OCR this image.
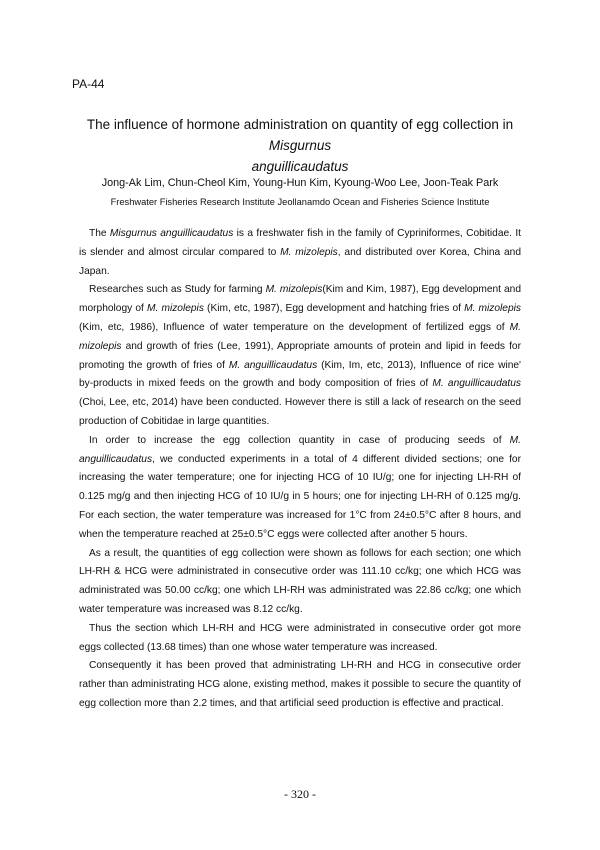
PA-44
The influence of hormone administration on quantity of egg collection in Misgurnus
anguillicaudatus
Jong-Ak Lim, Chun-Cheol Kim, Young-Hun Kim, Kyoung-Woo Lee, Joon-Teak Park
Freshwater Fisheries Research Institute Jeollanamdo Ocean and Fisheries Science Institute

The Misgurnus anguillicaudatus is a freshwater fish in the family of Cypriniformes, Cobitidae. It is slender and almost circular compared to M. mizolepis, and distributed over Korea, China and Japan.

Researches such as Study for farming M. mizolepis(Kim and Kim, 1987), Egg development and morphology of M. mizolepis (Kim, etc, 1987), Egg development and hatching fries of M. mizolepis (Kim, etc, 1986), Influence of water temperature on the development of fertilized eggs of M. mizolepis and growth of fries (Lee, 1991), Appropriate amounts of protein and lipid in feeds for promoting the growth of fries of M. anguillicaudatus (Kim, Im, etc, 2013), Influence of rice wine' by-products in mixed feeds on the growth and body composition of fries of M. anguillicaudatus (Choi, Lee, etc, 2014) have been conducted. However there is still a lack of research on the seed production of Cobitidae in large quantities.

In order to increase the egg collection quantity in case of producing seeds of M. anguillicaudatus, we conducted experiments in a total of 4 different divided sections; one for increasing the water temperature; one for injecting HCG of 10 IU/g; one for injecting LH-RH of 0.125 mg/g and then injecting HCG of 10 IU/g in 5 hours; one for injecting LH-RH of 0.125 mg/g. For each section, the water temperature was increased for 1°C from 24±0.5°C after 8 hours, and when the temperature reached at 25±0.5°C eggs were collected after another 5 hours.

As a result, the quantities of egg collection were shown as follows for each section; one which LH-RH & HCG were administrated in consecutive order was 111.10 cc/kg; one which HCG was administrated was 50.00 cc/kg; one which LH-RH was administrated was 22.86 cc/kg; one which water temperature was increased was 8.12 cc/kg.

Thus the section which LH-RH and HCG were administrated in consecutive order got more eggs collected (13.68 times) than one whose water temperature was increased.

Consequently it has been proved that administrating LH-RH and HCG in consecutive order rather than administrating HCG alone, existing method, makes it possible to secure the quantity of egg collection more than 2.2 times, and that artificial seed production is effective and practical.

- 320 -
